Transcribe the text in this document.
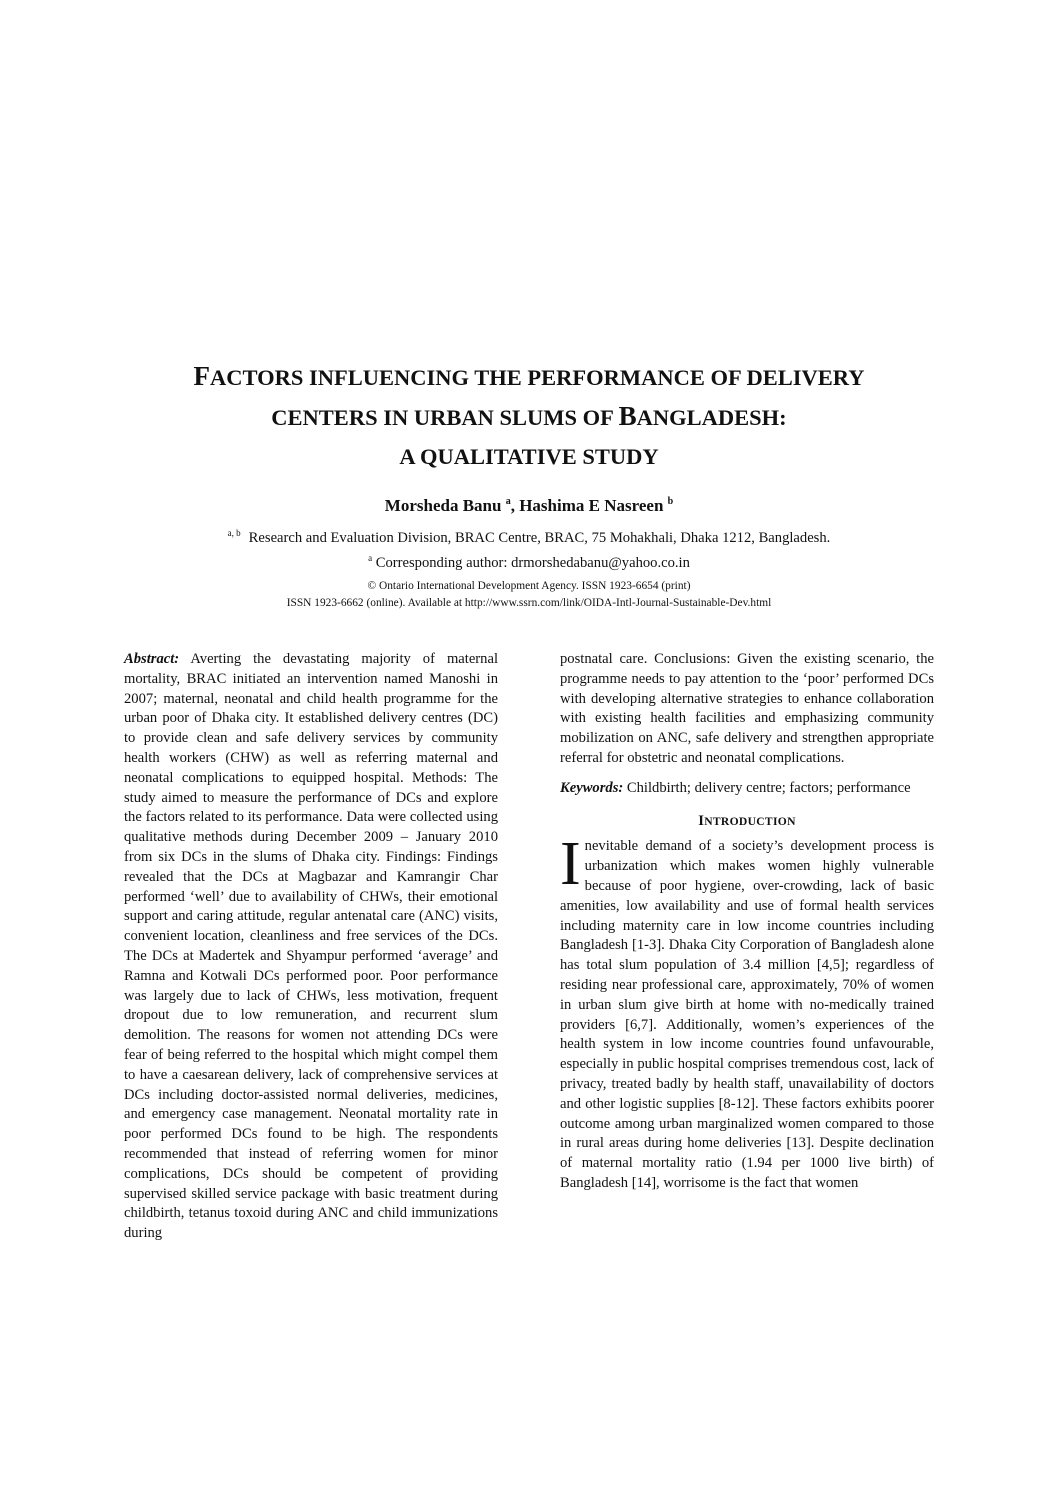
FACTORS INFLUENCING THE PERFORMANCE OF DELIVERY
CENTERS IN URBAN SLUMS OF BANGLADESH:
A QUALITATIVE STUDY
Morsheda Banu $^a$, Hashima E Nasreen $^b$
$^{a, b}$ Research and Evaluation Division, BRAC Centre, BRAC, 75 Mohakhali, Dhaka 1212, Bangladesh.
$^a$ Corresponding author: drmorshedabanu@yahoo.co.in
© Ontario International Development Agency. ISSN 1923-6654 (print)
ISSN 1923-6662 (online). Available at http://www.ssrn.com/link/OIDA-Intl-Journal-Sustainable-Dev.html

Abstract: Averting the devastating majority of maternal mortality, BRAC initiated an intervention named Manoshi in 2007; maternal, neonatal and child health programme for the urban poor of Dhaka city. It established delivery centres (DC) to provide clean and safe delivery services by community health workers (CHW) as well as referring maternal and neonatal complications to equipped hospital. Methods: The study aimed to measure the performance of DCs and explore the factors related to its performance. Data were collected using qualitative methods during December 2009 – January 2010 from six DCs in the slums of Dhaka city. Findings: Findings revealed that the DCs at Magbazar and Kamrangir Char performed ‘well’ due to availability of CHWs, their emotional support and caring attitude, regular antenatal care (ANC) visits, convenient location, cleanliness and free services of the DCs. The DCs at Madertek and Shyampur performed ‘average’ and Ramna and Kotwali DCs performed poor. Poor performance was largely due to lack of CHWs, less motivation, frequent dropout due to low remuneration, and recurrent slum demolition. The reasons for women not attending DCs were fear of being referred to the hospital which might compel them to have a caesarean delivery, lack of comprehensive services at DCs including doctor-assisted normal deliveries, medicines, and emergency case management. Neonatal mortality rate in poor performed DCs found to be high. The respondents recommended that instead of referring women for minor complications, DCs should be competent of providing supervised skilled service package with basic treatment during childbirth, tetanus toxoid during ANC and child immunizations during

postnatal care. Conclusions: Given the existing scenario, the programme needs to pay attention to the ‘poor’ performed DCs with developing alternative strategies to enhance collaboration with existing health facilities and emphasizing community mobilization on ANC, safe delivery and strengthen appropriate referral for obstetric and neonatal complications.

Keywords: Childbirth; delivery centre; factors; performance

INTRODUCTION

Inevitable demand of a society’s development process is urbanization which makes women highly vulnerable because of poor hygiene, over-crowding, lack of basic amenities, low availability and use of formal health services including maternity care in low income countries including Bangladesh [1-3]. Dhaka City Corporation of Bangladesh alone has total slum population of 3.4 million [4,5]; regardless of residing near professional care, approximately, 70% of women in urban slum give birth at home with no-medically trained providers [6,7]. Additionally, women’s experiences of the health system in low income countries found unfavourable, especially in public hospital comprises tremendous cost, lack of privacy, treated badly by health staff, unavailability of doctors and other logistic supplies [8-12]. These factors exhibits poorer outcome among urban marginalized women compared to those in rural areas during home deliveries [13]. Despite declination of maternal mortality ratio (1.94 per 1000 live birth) of Bangladesh [14], worrisome is the fact that women
